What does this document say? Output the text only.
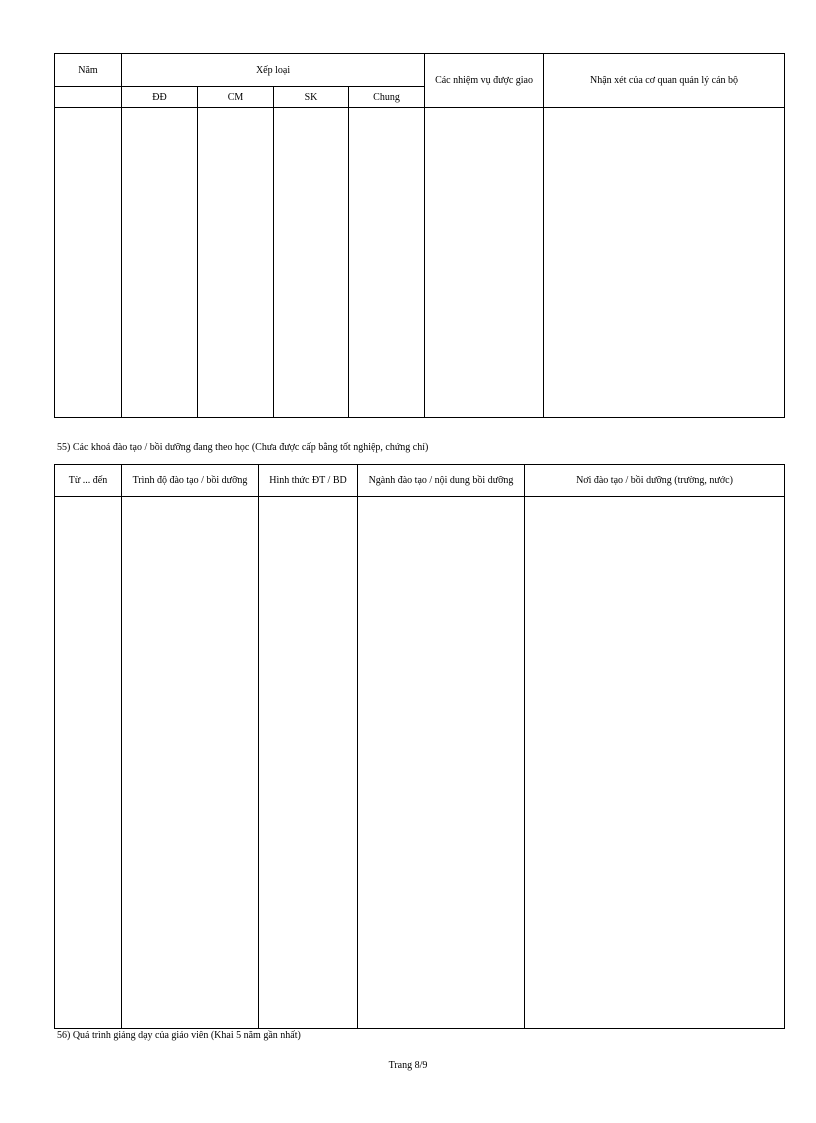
Năm	Xếp loại				Các nhiệm vụ được giao	Nhận xét của cơ quan quản lý cán bộ
	ĐĐ	CM	SK	Chung		

55) Các khoá đào tạo / bồi dưỡng đang theo học (Chưa được cấp bằng tốt nghiệp, chứng chỉ)
Từ ... đến	Trình độ đào tạo / bồi dưỡng	Hình thức ĐT / BD	Ngành đào tạo / nội dung bồi dưỡng	Nơi đào tạo / bồi dưỡng (trường, nước)

56) Quá trình giảng dạy của giáo viên (Khai 5 năm gần nhất)
Trang 8/9
